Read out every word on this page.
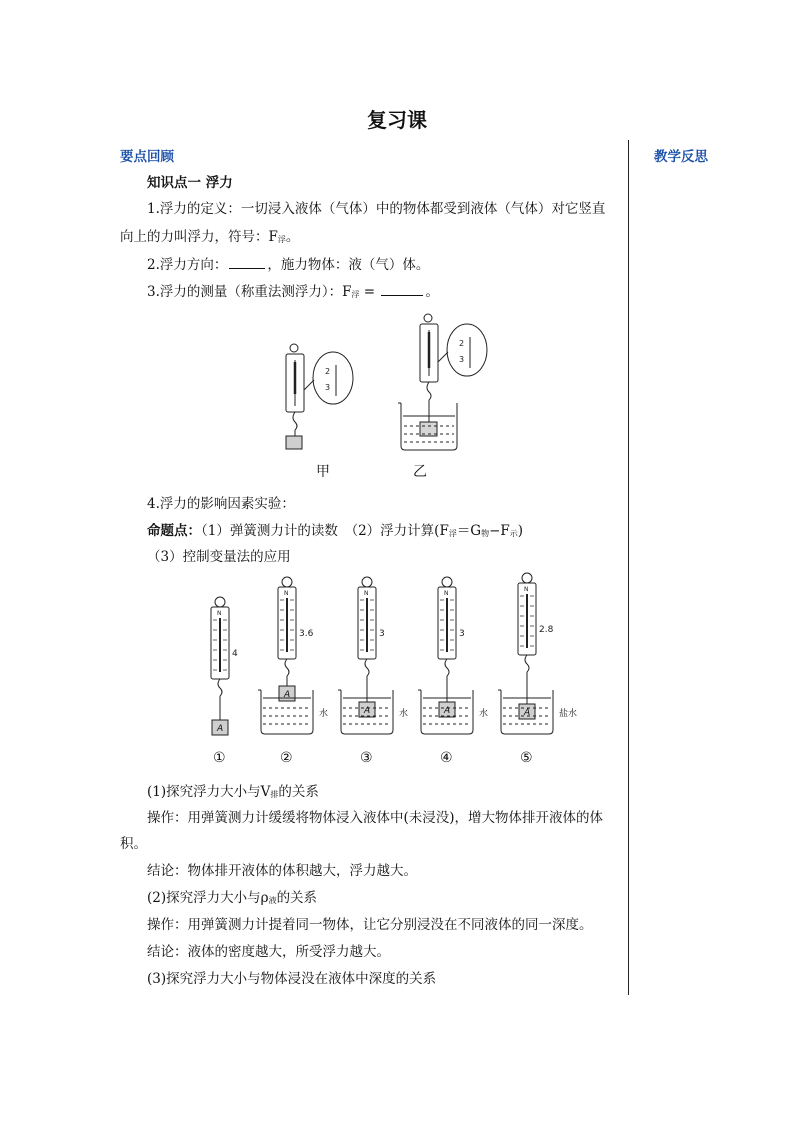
复习课
要点回顾	教学反思
知识点一 浮力
1.浮力的定义：一切浸入液体（气体）中的物体都受到液体（气体）对它竖直
向上的力叫浮力，符号：$F_浮$。
2.浮力方向：	，施力物体：液（气）体。
3.浮力的测量（称重法测浮力）：$F_浮$ =	。
2
3
2
3
甲	乙
4.浮力的影响因素实验：
命题点：（1）弹簧测力计的读数　（2）浮力计算$(F_浮=G_物-F_示)$
（3）控制变量法的应用
N
4
A
①
N
3.6
A
水
②
N
3
A	水
③
N
3
A	水
④
N
2.8
A	盐水
⑤
(1)探究浮力大小与$V_排$的关系
操作：用弹簧测力计缓缓将物体浸入液体中(未浸没)，增大物体排开液体的体
积。
结论：物体排开液体的体积越大，浮力越大。
(2)探究浮力大小与$\rho_液$的关系
操作：用弹簧测力计提着同一物体，让它分别浸没在不同液体的同一深度。
结论：液体的密度越大，所受浮力越大。
(3)探究浮力大小与物体浸没在液体中深度的关系
